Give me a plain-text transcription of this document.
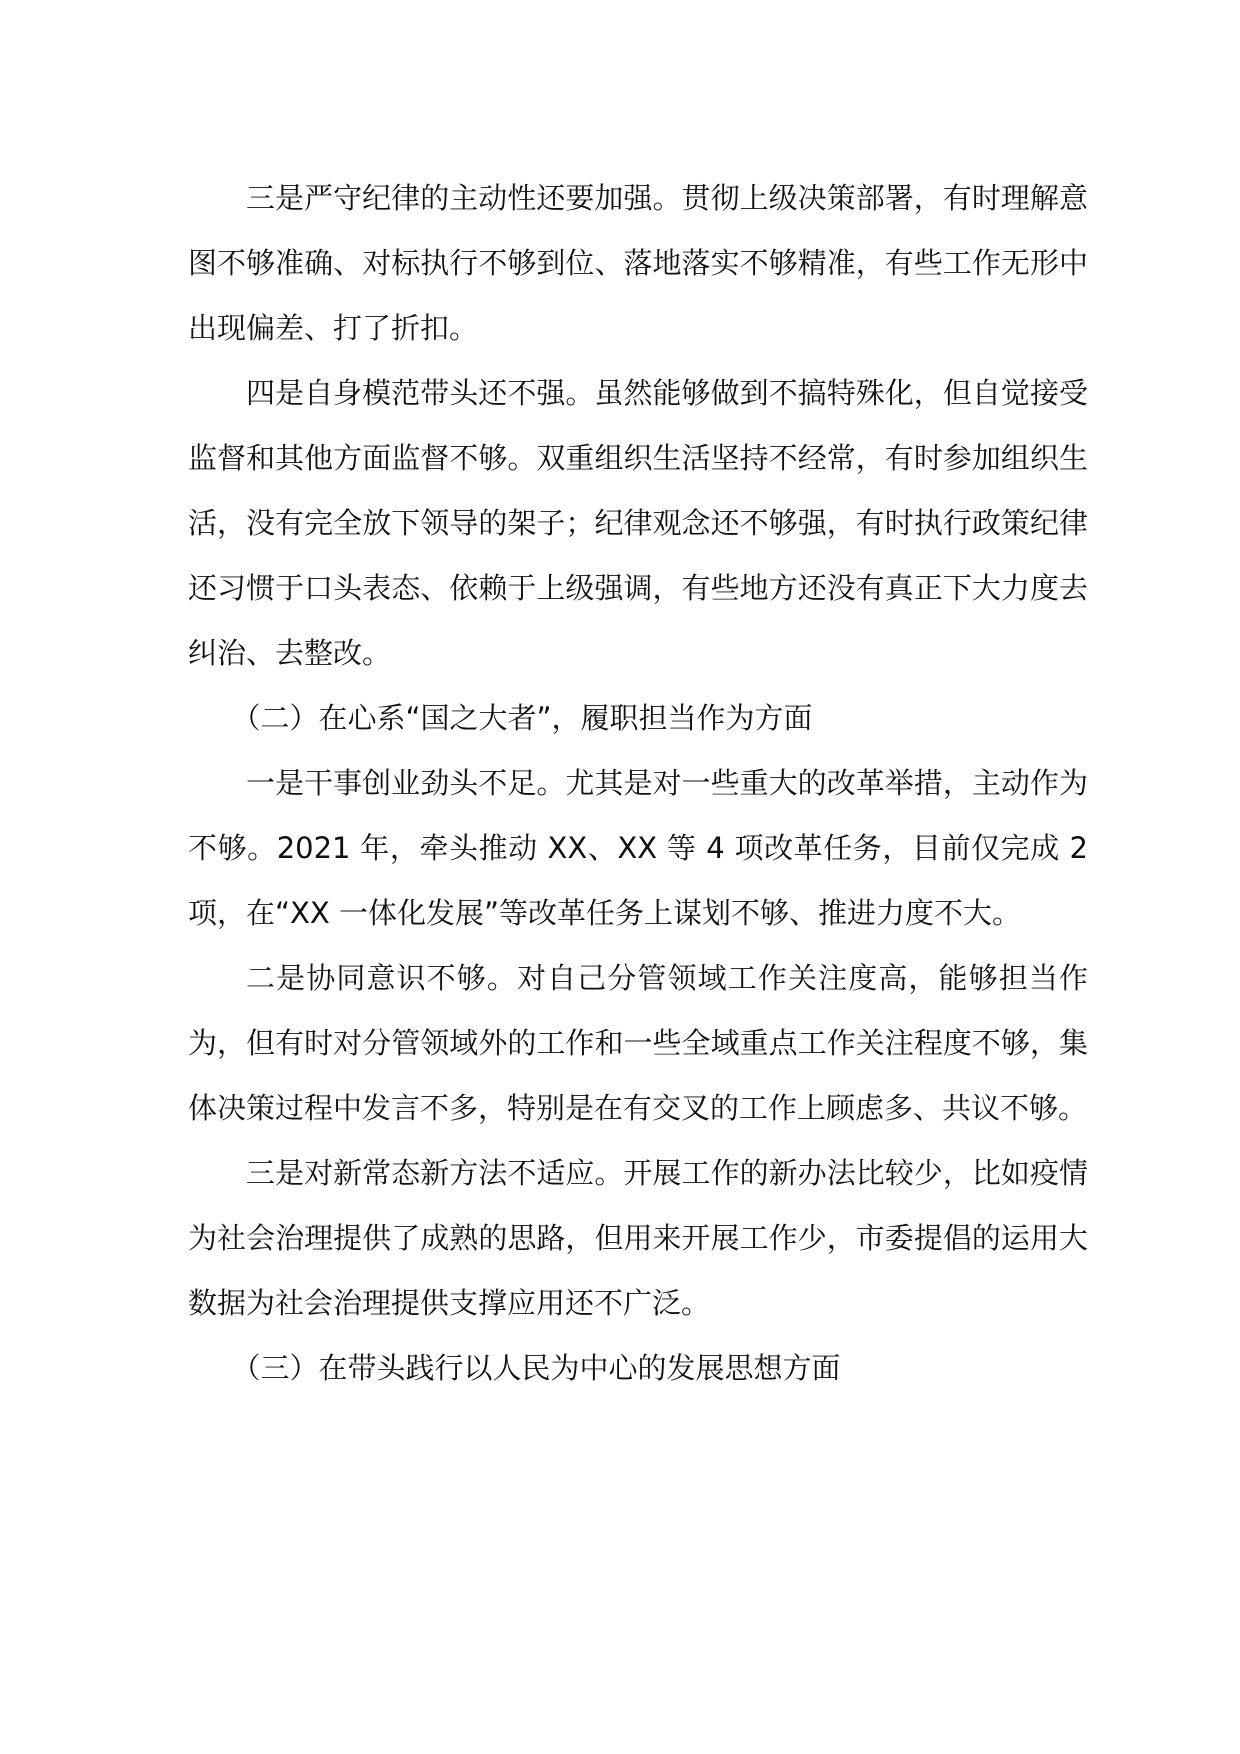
三是严守纪律的主动性还要加强。贯彻上级决策部署，有时理解意图不够准确、对标执行不够到位、落地落实不够精准，有些工作无形中出现偏差、打了折扣。

四是自身模范带头还不强。虽然能够做到不搞特殊化，但自觉接受监督和其他方面监督不够。双重组织生活坚持不经常，有时参加组织生活，没有完全放下领导的架子；纪律观念还不够强，有时执行政策纪律还习惯于口头表态、依赖于上级强调，有些地方还没有真正下大力度去纠治、去整改。

（二）在心系“国之大者”，履职担当作为方面

一是干事创业劲头不足。尤其是对一些重大的改革举措，主动作为不够。2021 年，牵头推动 XX、XX 等 4 项改革任务，目前仅完成 2 项，在“XX 一体化发展”等改革任务上谋划不够、推进力度不大。

二是协同意识不够。对自己分管领域工作关注度高，能够担当作为，但有时对分管领域外的工作和一些全域重点工作关注程度不够，集体决策过程中发言不多，特别是在有交叉的工作上顾虑多、共议不够。

三是对新常态新方法不适应。开展工作的新办法比较少，比如疫情为社会治理提供了成熟的思路，但用来开展工作少，市委提倡的运用大数据为社会治理提供支撑应用还不广泛。

（三）在带头践行以人民为中心的发展思想方面
